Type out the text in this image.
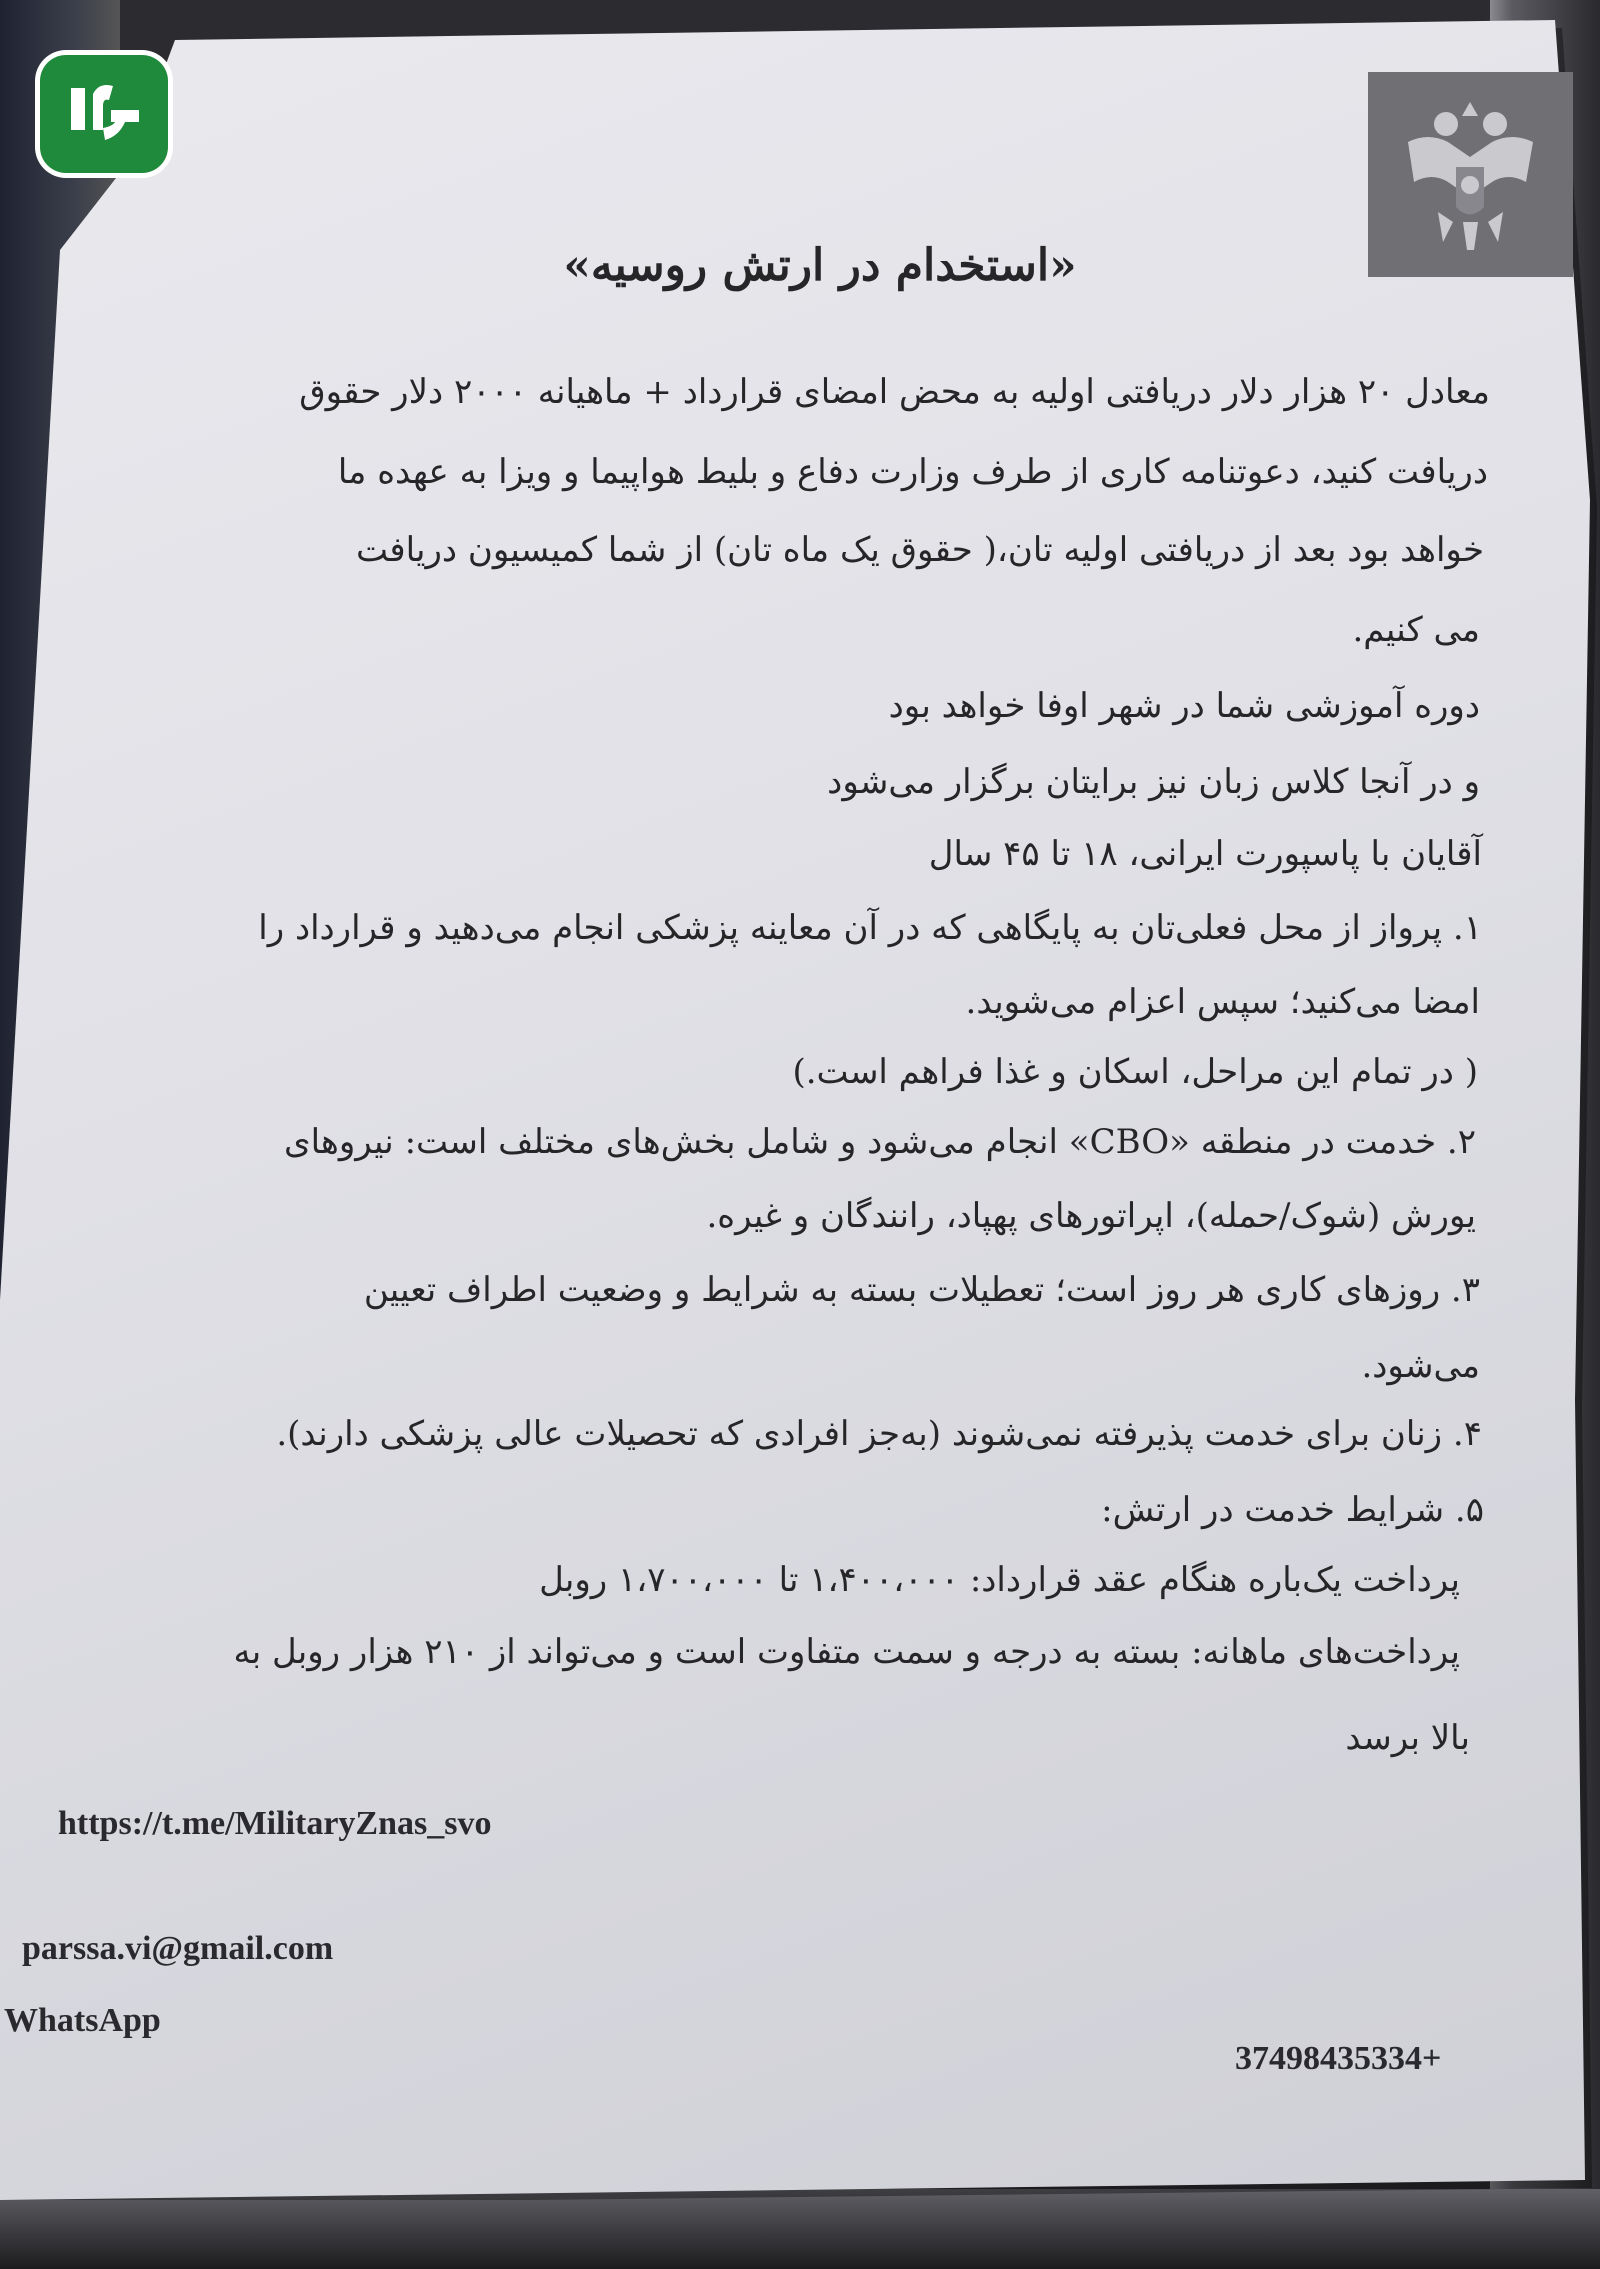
«استخدام در ارتش روسیه»
معادل ۲۰ هزار دلار دریافتی اولیه به محض امضای قرارداد + ماهیانه ۲۰۰۰ دلار حقوق
دریافت کنید، دعوتنامه کاری از طرف وزارت دفاع و بلیط هواپیما و ویزا به عهده ما
خواهد بود بعد از دریافتی اولیه تان،( حقوق یک ماه تان) از شما کمیسیون دریافت
می کنیم.
دوره آموزشی شما در شهر اوفا خواهد بود
و در آنجا کلاس زبان نیز برایتان برگزار می‌شود
آقایان با پاسپورت ایرانی، ۱۸ تا ۴۵ سال
۱. پرواز از محل فعلی‌تان به پایگاهی که در آن معاینه پزشکی انجام می‌دهید و قرارداد را
امضا می‌کنید؛ سپس اعزام می‌شوید.
( در تمام این مراحل، اسکان و غذا فراهم است.)
۲. خدمت در منطقه «CBO» انجام می‌شود و شامل بخش‌های مختلف است: نیروهای
یورش (شوک/حمله)، اپراتورهای پهپاد، رانندگان و غیره.
۳. روزهای کاری هر روز است؛ تعطیلات بسته به شرایط و وضعیت اطراف تعیین
می‌شود.
۴. زنان برای خدمت پذیرفته نمی‌شوند (به‌جز افرادی که تحصیلات عالی پزشکی دارند).
۵. شرایط خدمت در ارتش:
پرداخت یک‌باره هنگام عقد قرارداد: ۱،۴۰۰،۰۰۰ تا ۱،۷۰۰،۰۰۰ روبل
پرداخت‌های ماهانه: بسته به درجه و سمت متفاوت است و می‌تواند از ۲۱۰ هزار روبل به
بالا برسد
https://t.me/MilitaryZnas_svo
parssa.vi@gmail.com
WhatsApp
37498435334+
